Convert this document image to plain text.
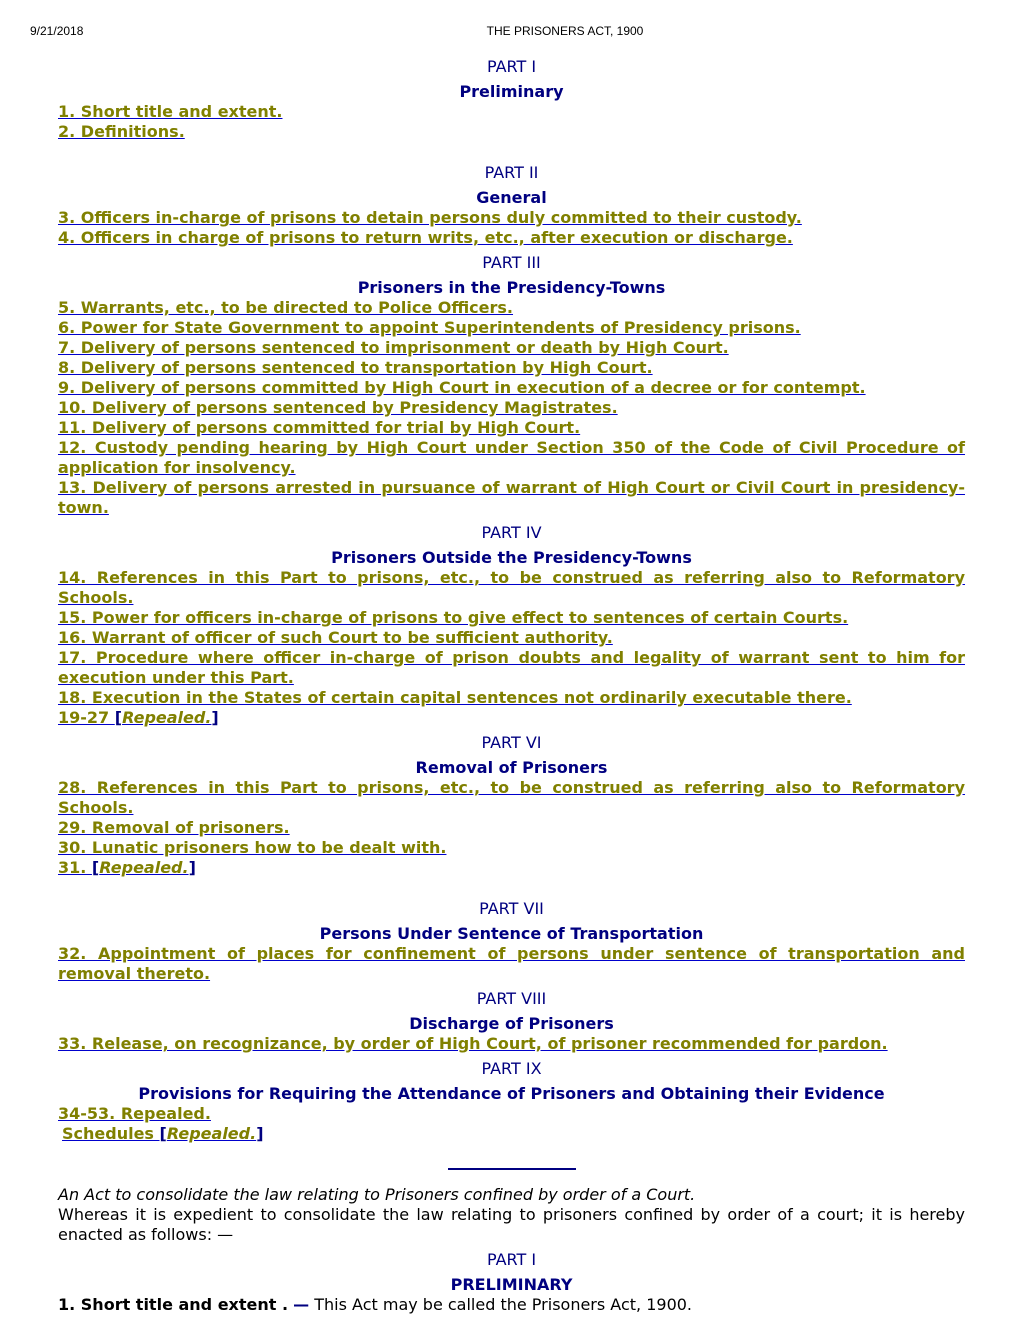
9/21/2018	THE PRISONERS ACT, 1900
PART I
Preliminary
1. Short title and extent.
2. Definitions.
PART II
General
3. Officers in-charge of prisons to detain persons duly committed to their custody.
4. Officers in charge of prisons to return writs, etc., after execution or discharge.
PART III
Prisoners in the Presidency-Towns
5. Warrants, etc., to be directed to Police Officers.
6. Power for State Government to appoint Superintendents of Presidency prisons.
7. Delivery of persons sentenced to imprisonment or death by High Court.
8. Delivery of persons sentenced to transportation by High Court.
9. Delivery of persons committed by High Court in execution of a decree or for contempt.
10. Delivery of persons sentenced by Presidency Magistrates.
11. Delivery of persons committed for trial by High Court.
12. Custody pending hearing by High Court under Section 350 of the Code of Civil Procedure of application for insolvency.
13. Delivery of persons arrested in pursuance of warrant of High Court or Civil Court in presidency-town.
PART IV
Prisoners Outside the Presidency-Towns
14. References in this Part to prisons, etc., to be construed as referring also to Reformatory Schools.
15. Power for officers in-charge of prisons to give effect to sentences of certain Courts.
16. Warrant of officer of such Court to be sufficient authority.
17. Procedure where officer in-charge of prison doubts and legality of warrant sent to him for execution under this Part.
18. Execution in the States of certain capital sentences not ordinarily executable there.
19-27 [Repealed.]
PART VI
Removal of Prisoners
28. References in this Part to prisons, etc., to be construed as referring also to Reformatory Schools.
29. Removal of prisoners.
30. Lunatic prisoners how to be dealt with.
31. [Repealed.]
PART VII
Persons Under Sentence of Transportation
32. Appointment of places for confinement of persons under sentence of transportation and removal thereto.
PART VIII
Discharge of Prisoners
33. Release, on recognizance, by order of High Court, of prisoner recommended for pardon.
PART IX
Provisions for Requiring the Attendance of Prisoners and Obtaining their Evidence
34-53. Repealed.
Schedules [Repealed.]
An Act to consolidate the law relating to Prisoners confined by order of a Court.
Whereas it is expedient to consolidate the law relating to prisoners confined by order of a court; it is hereby enacted as follows: —
PART I
PRELIMINARY
1. Short title and extent . — This Act may be called the Prisoners Act, 1900.
